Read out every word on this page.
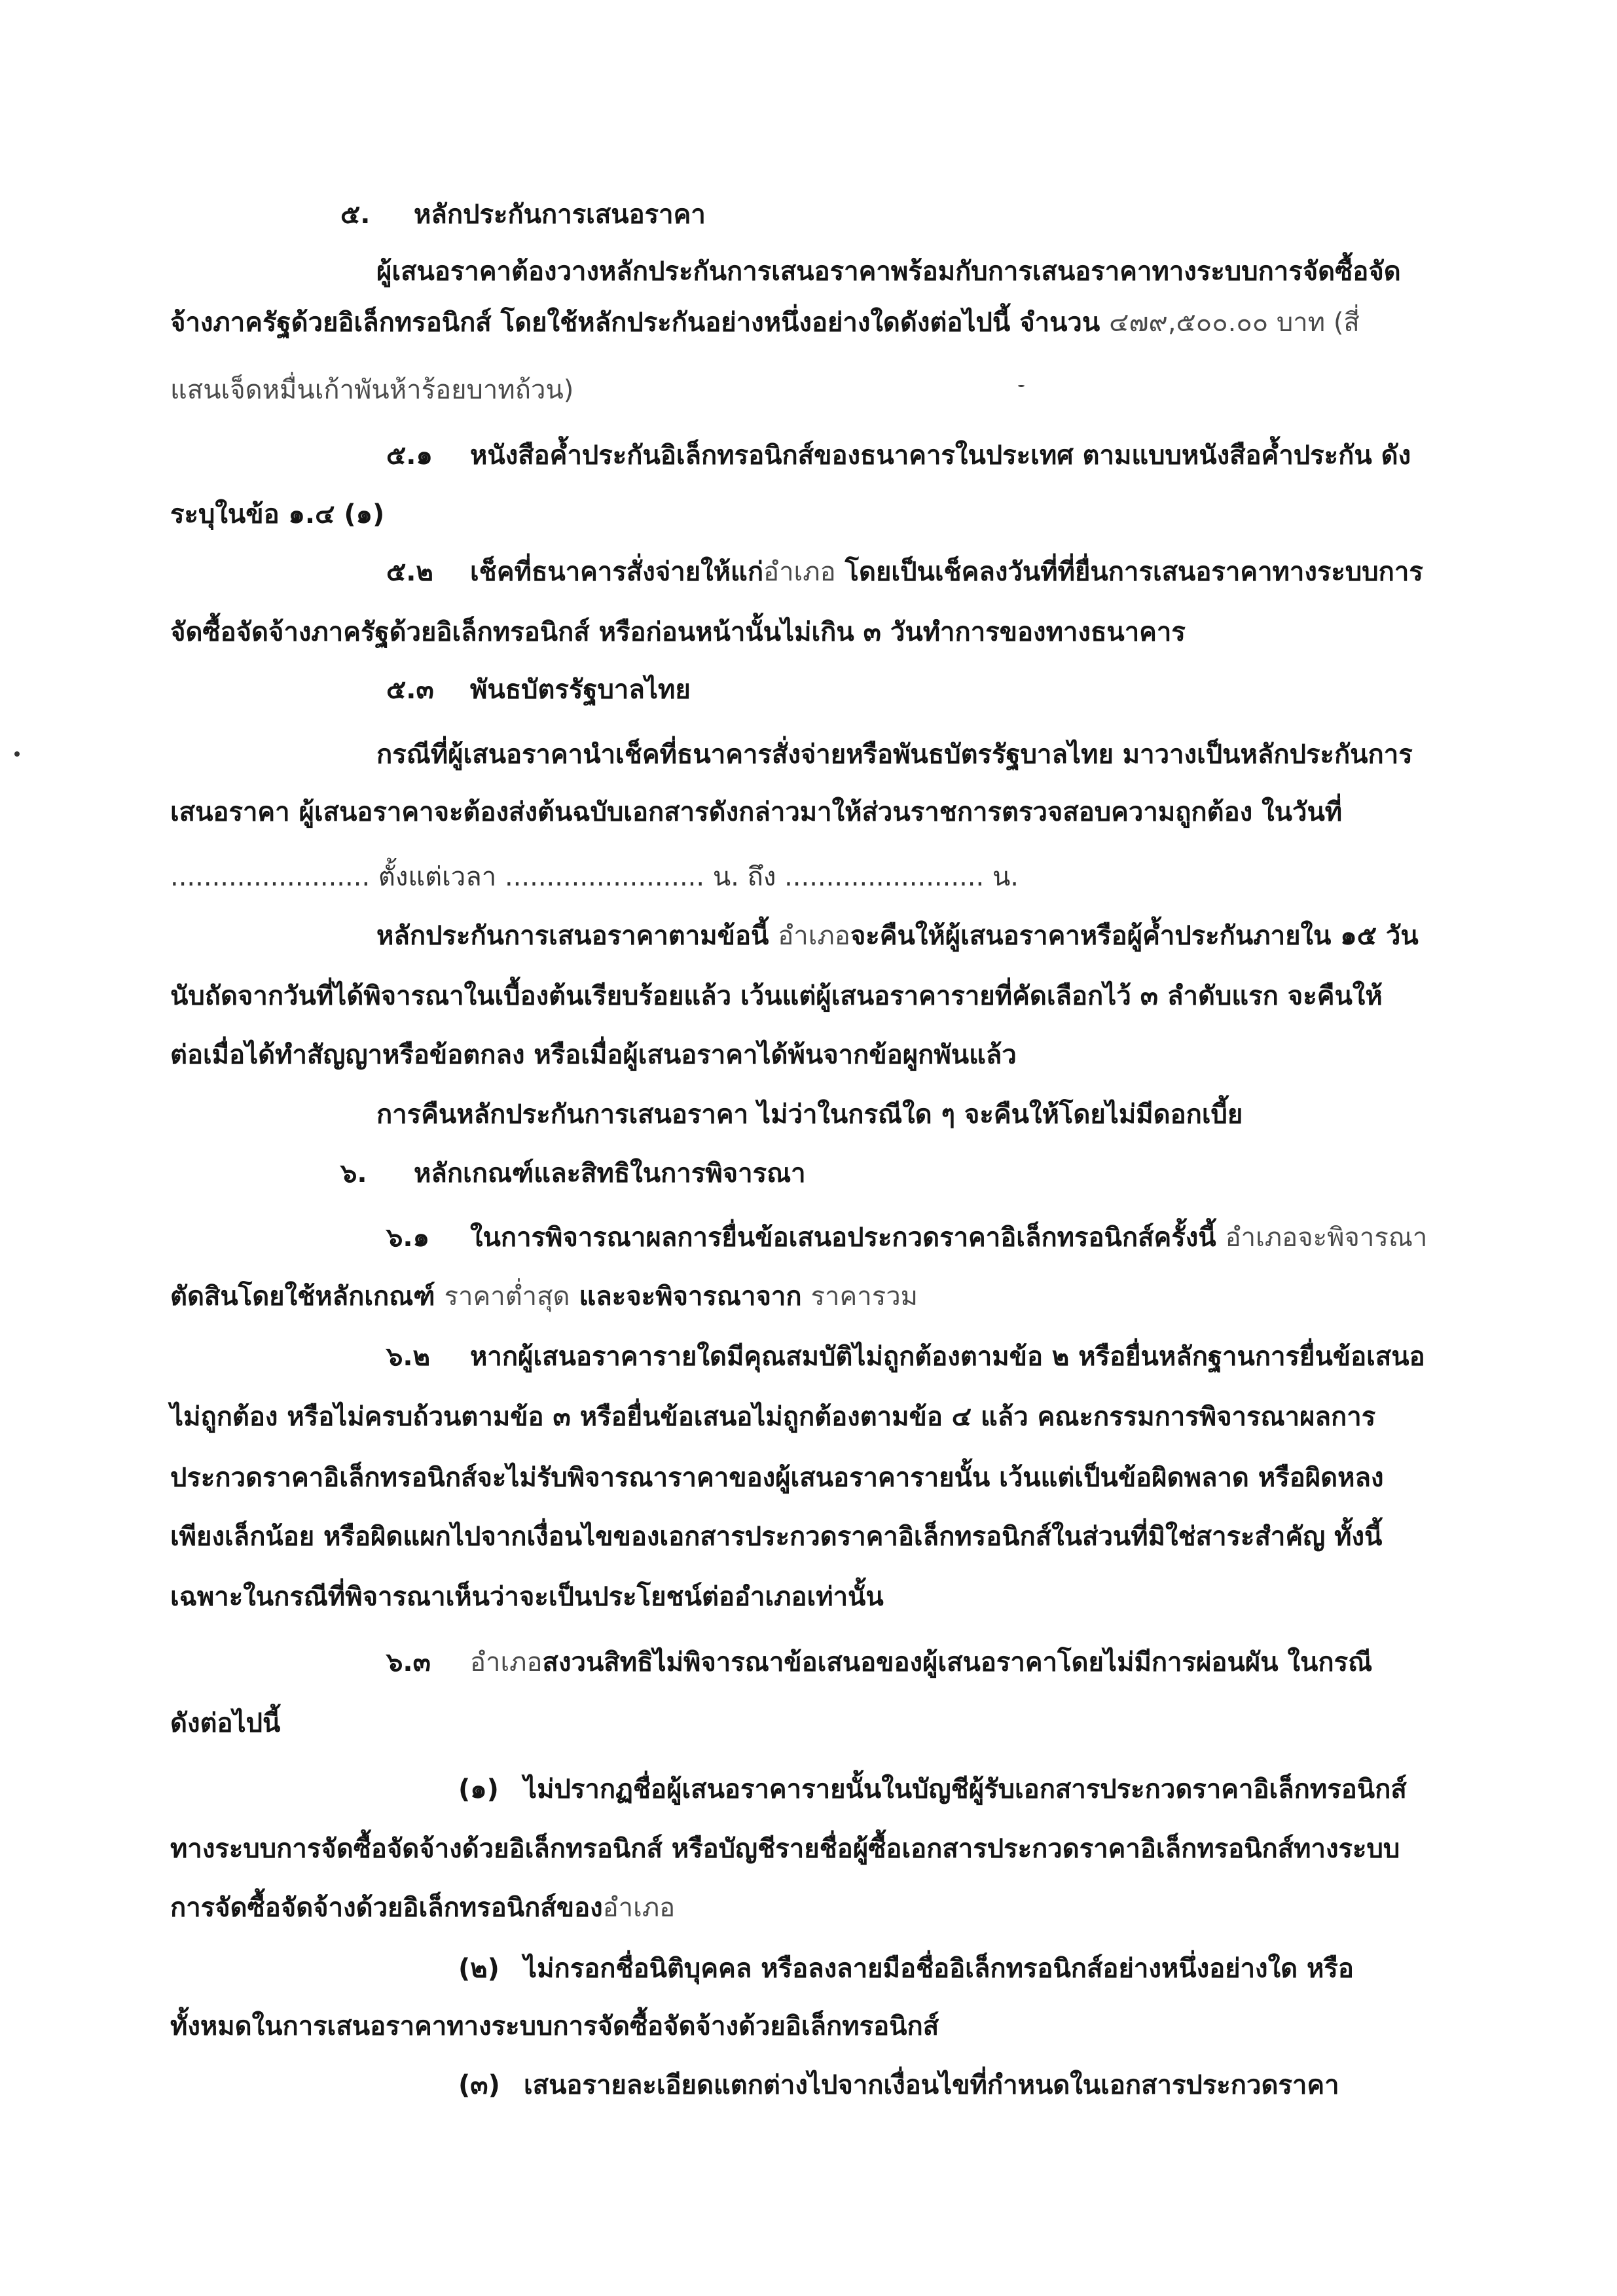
๕. หลักประกันการเสนอราคา
ผู้เสนอราคาต้องวางหลักประกันการเสนอราคาพร้อมกับการเสนอราคาทางระบบการจัดซื้อจัด
จ้างภาครัฐด้วยอิเล็กทรอนิกส์ โดยใช้หลักประกันอย่างหนึ่งอย่างใดดังต่อไปนี้ จำนวน ๔๗๙,๕๐๐.๐๐ บาท (สี่
แสนเจ็ดหมื่นเก้าพันห้าร้อยบาทถ้วน)
๕.๑ หนังสือค้ำประกันอิเล็กทรอนิกส์ของธนาคารในประเทศ ตามแบบหนังสือค้ำประกัน ดัง
ระบุในข้อ ๑.๔ (๑)
๕.๒ เช็คที่ธนาคารสั่งจ่ายให้แก่อำเภอ โดยเป็นเช็คลงวันที่ที่ยื่นการเสนอราคาทางระบบการ
จัดซื้อจัดจ้างภาครัฐด้วยอิเล็กทรอนิกส์ หรือก่อนหน้านั้นไม่เกิน ๓ วันทำการของทางธนาคาร
๕.๓ พันธบัตรรัฐบาลไทย
กรณีที่ผู้เสนอราคานำเช็คที่ธนาคารสั่งจ่ายหรือพันธบัตรรัฐบาลไทย มาวางเป็นหลักประกันการ
เสนอราคา ผู้เสนอราคาจะต้องส่งต้นฉบับเอกสารดังกล่าวมาให้ส่วนราชการตรวจสอบความถูกต้อง ในวันที่
........................ ตั้งแต่เวลา ........................ น. ถึง ........................ น.
หลักประกันการเสนอราคาตามข้อนี้ อำเภอจะคืนให้ผู้เสนอราคาหรือผู้ค้ำประกันภายใน ๑๕ วัน
นับถัดจากวันที่ได้พิจารณาในเบื้องต้นเรียบร้อยแล้ว เว้นแต่ผู้เสนอราคารายที่คัดเลือกไว้ ๓ ลำดับแรก จะคืนให้
ต่อเมื่อได้ทำสัญญาหรือข้อตกลง หรือเมื่อผู้เสนอราคาได้พ้นจากข้อผูกพันแล้ว
การคืนหลักประกันการเสนอราคา ไม่ว่าในกรณีใด ๆ จะคืนให้โดยไม่มีดอกเบี้ย
๖. หลักเกณฑ์และสิทธิในการพิจารณา
๖.๑ ในการพิจารณาผลการยื่นข้อเสนอประกวดราคาอิเล็กทรอนิกส์ครั้งนี้ อำเภอจะพิจารณา
ตัดสินโดยใช้หลักเกณฑ์ ราคาต่ำสุด และจะพิจารณาจาก ราคารวม
๖.๒ หากผู้เสนอราคารายใดมีคุณสมบัติไม่ถูกต้องตามข้อ ๒ หรือยื่นหลักฐานการยื่นข้อเสนอ
ไม่ถูกต้อง หรือไม่ครบถ้วนตามข้อ ๓ หรือยื่นข้อเสนอไม่ถูกต้องตามข้อ ๔ แล้ว คณะกรรมการพิจารณาผลการ
ประกวดราคาอิเล็กทรอนิกส์จะไม่รับพิจารณาราคาของผู้เสนอราคารายนั้น เว้นแต่เป็นข้อผิดพลาด หรือผิดหลง
เพียงเล็กน้อย หรือผิดแผกไปจากเงื่อนไขของเอกสารประกวดราคาอิเล็กทรอนิกส์ในส่วนที่มิใช่สาระสำคัญ ทั้งนี้
เฉพาะในกรณีที่พิจารณาเห็นว่าจะเป็นประโยชน์ต่ออำเภอเท่านั้น
๖.๓ อำเภอสงวนสิทธิไม่พิจารณาข้อเสนอของผู้เสนอราคาโดยไม่มีการผ่อนผัน ในกรณี
ดังต่อไปนี้
(๑) ไม่ปรากฏชื่อผู้เสนอราคารายนั้นในบัญชีผู้รับเอกสารประกวดราคาอิเล็กทรอนิกส์
ทางระบบการจัดซื้อจัดจ้างด้วยอิเล็กทรอนิกส์ หรือบัญชีรายชื่อผู้ซื้อเอกสารประกวดราคาอิเล็กทรอนิกส์ทางระบบ
การจัดซื้อจัดจ้างด้วยอิเล็กทรอนิกส์ของอำเภอ
(๒) ไม่กรอกชื่อนิติบุคคล หรือลงลายมือชื่ออิเล็กทรอนิกส์อย่างหนึ่งอย่างใด หรือ
ทั้งหมดในการเสนอราคาทางระบบการจัดซื้อจัดจ้างด้วยอิเล็กทรอนิกส์
(๓) เสนอรายละเอียดแตกต่างไปจากเงื่อนไขที่กำหนดในเอกสารประกวดราคา
